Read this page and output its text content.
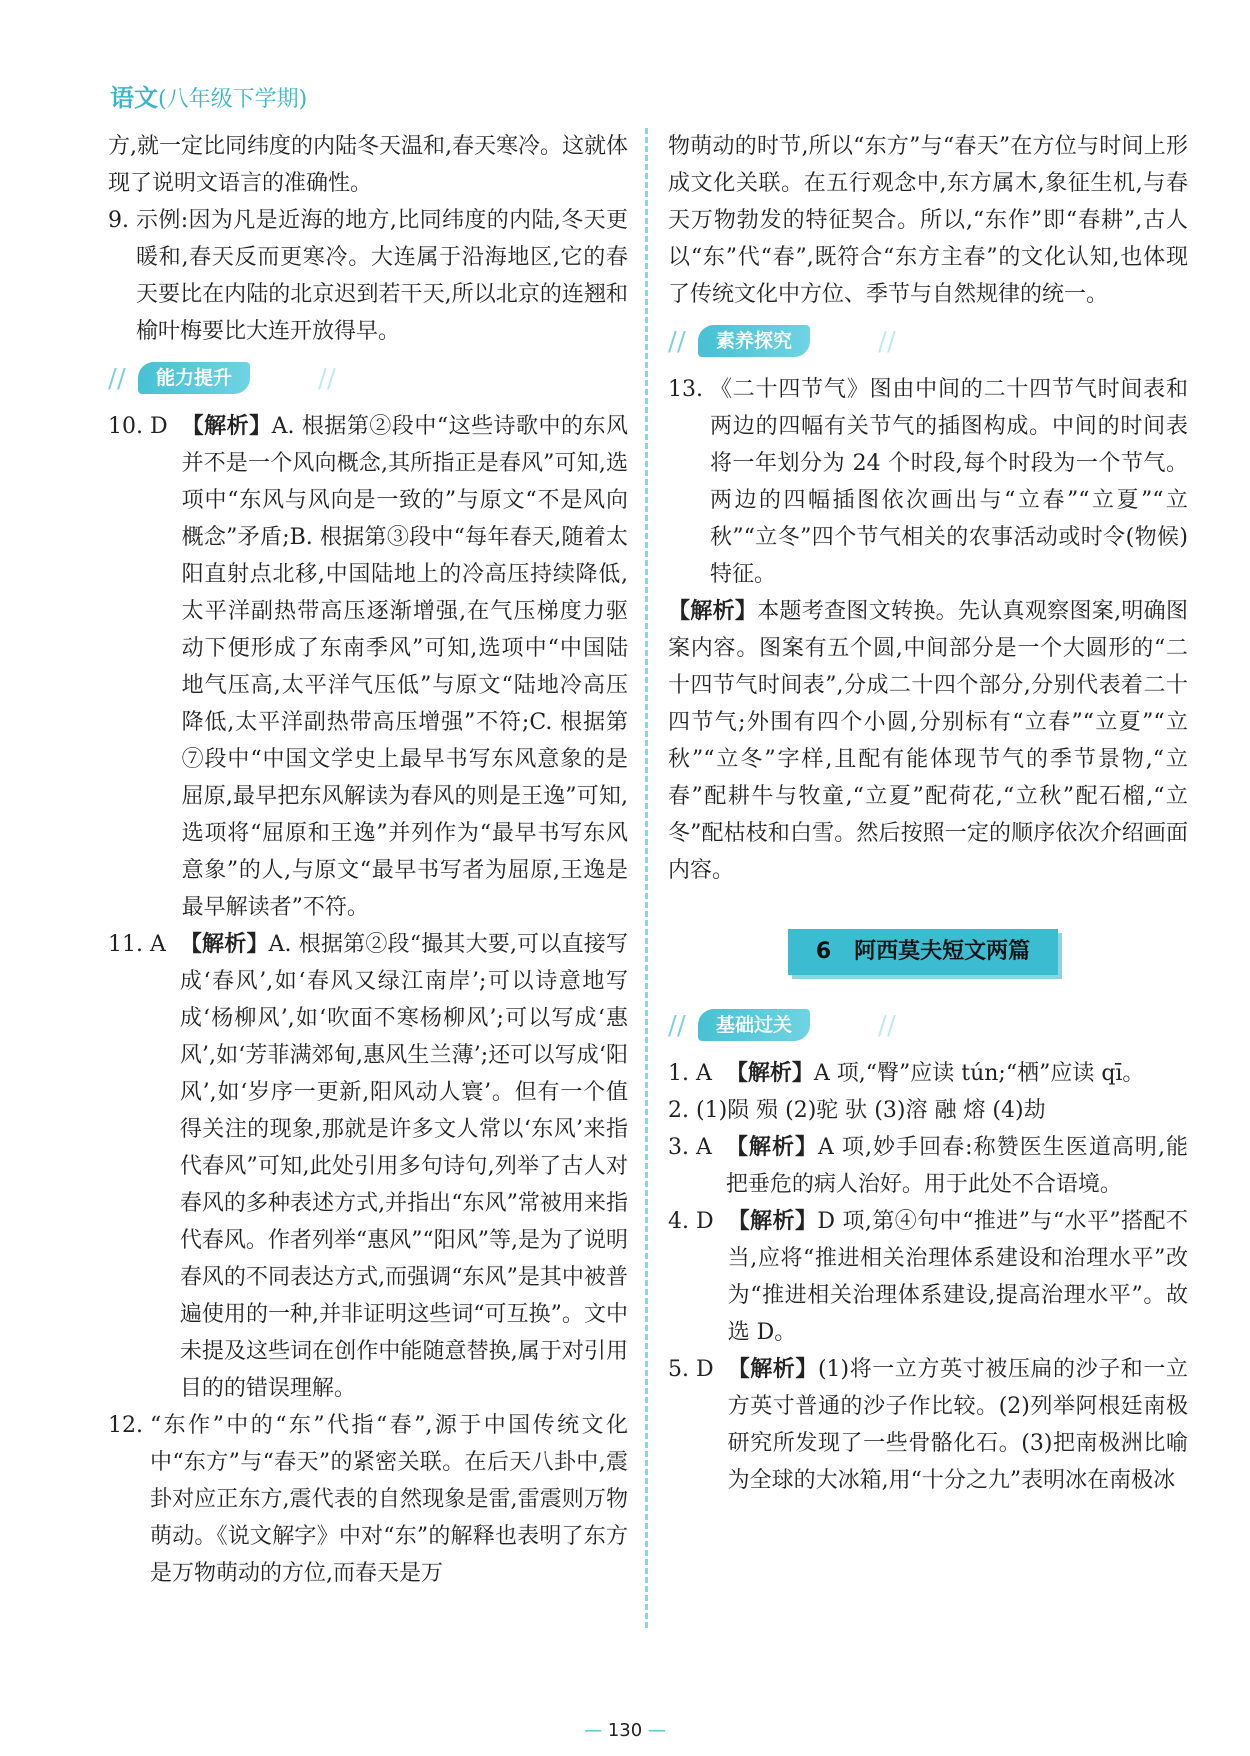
语文(八年级下学期)

方,就一定比同纬度的内陆冬天温和,春天寒冷。这就体现了说明文语言的准确性。

9. 示例:因为凡是近海的地方,比同纬度的内陆,冬天更暖和,春天反而更寒冷。大连属于沿海地区,它的春天要比在内陆的北京迟到若干天,所以北京的连翘和榆叶梅要比大连开放得早。
/ /	能力提升	/ /
10. D 【解析】A. 根据第②段中“这些诗歌中的东风并不是一个风向概念,其所指正是春风”可知,选项中“东风与风向是一致的”与原文“不是风向概念”矛盾;B. 根据第③段中“每年春天,随着太阳直射点北移,中国陆地上的冷高压持续降低,太平洋副热带高压逐渐增强,在气压梯度力驱动下便形成了东南季风”可知,选项中“中国陆地气压高,太平洋气压低”与原文“陆地冷高压降低,太平洋副热带高压增强”不符;C. 根据第⑦段中“中国文学史上最早书写东风意象的是屈原,最早把东风解读为春风的则是王逸”可知,选项将“屈原和王逸”并列作为“最早书写东风意象”的人,与原文“最早书写者为屈原,王逸是最早解读者”不符。
11. A 【解析】A. 根据第②段“撮其大要,可以直接写成‘春风’,如‘春风又绿江南岸’;可以诗意地写成‘杨柳风’,如‘吹面不寒杨柳风’;可以写成‘惠风’,如‘芳菲满郊甸,惠风生兰薄’;还可以写成‘阳风’,如‘岁序一更新,阳风动人寰’。但有一个值得关注的现象,那就是许多文人常以‘东风’来指代春风”可知,此处引用多句诗句,列举了古人对春风的多种表述方式,并指出“东风”常被用来指代春风。作者列举“惠风”“阳风”等,是为了说明春风的不同表达方式,而强调“东风”是其中被普遍使用的一种,并非证明这些词“可互换”。文中未提及这些词在创作中能随意替换,属于对引用目的的错误理解。
12. “东作”中的“东”代指“春”,源于中国传统文化中“东方”与“春天”的紧密关联。在后天八卦中,震卦对应正东方,震代表的自然现象是雷,雷震则万物萌动。《说文解字》中对“东”的解释也表明了东方是万物萌动的方位,而春天是万

物萌动的时节,所以“东方”与“春天”在方位与时间上形成文化关联。在五行观念中,东方属木,象征生机,与春天万物勃发的特征契合。所以,“东作”即“春耕”,古人以“东”代“春”,既符合“东方主春”的文化认知,也体现了传统文化中方位、季节与自然规律的统一。

/ /	素养探究	/ /
13. 《二十四节气》图由中间的二十四节气时间表和两边的四幅有关节气的插图构成。中间的时间表将一年划分为 24 个时段,每个时段为一个节气。两边的四幅插图依次画出与“立春”“立夏”“立秋”“立冬”四个节气相关的农事活动或时令(物候)特征。

【解析】本题考查图文转换。先认真观察图案,明确图案内容。图案有五个圆,中间部分是一个大圆形的“二十四节气时间表”,分成二十四个部分,分别代表着二十四节气;外围有四个小圆,分别标有“立春”“立夏”“立秋”“立冬”字样,且配有能体现节气的季节景物,“立春”配耕牛与牧童,“立夏”配荷花,“立秋”配石榴,“立冬”配枯枝和白雪。然后按照一定的顺序依次介绍画面内容。

6 阿西莫夫短文两篇
/ /	基础过关	/ /
1. A 【解析】A 项,“臀”应读 tún;“栖”应读 qī。
2. (1)陨 殒 (2)驼 驮 (3)溶 融 熔 (4)劫
3. A 【解析】A 项,妙手回春:称赞医生医道高明,能把垂危的病人治好。用于此处不合语境。
4. D 【解析】D 项,第④句中“推进”与“水平”搭配不当,应将“推进相关治理体系建设和治理水平”改为“推进相关治理体系建设,提高治理水平”。故选 D。
5. D 【解析】(1)将一立方英寸被压扁的沙子和一立方英寸普通的沙子作比较。(2)列举阿根廷南极研究所发现了一些骨骼化石。(3)把南极洲比喻为全球的大冰箱,用“十分之九”表明冰在南极冰
— 130 —
